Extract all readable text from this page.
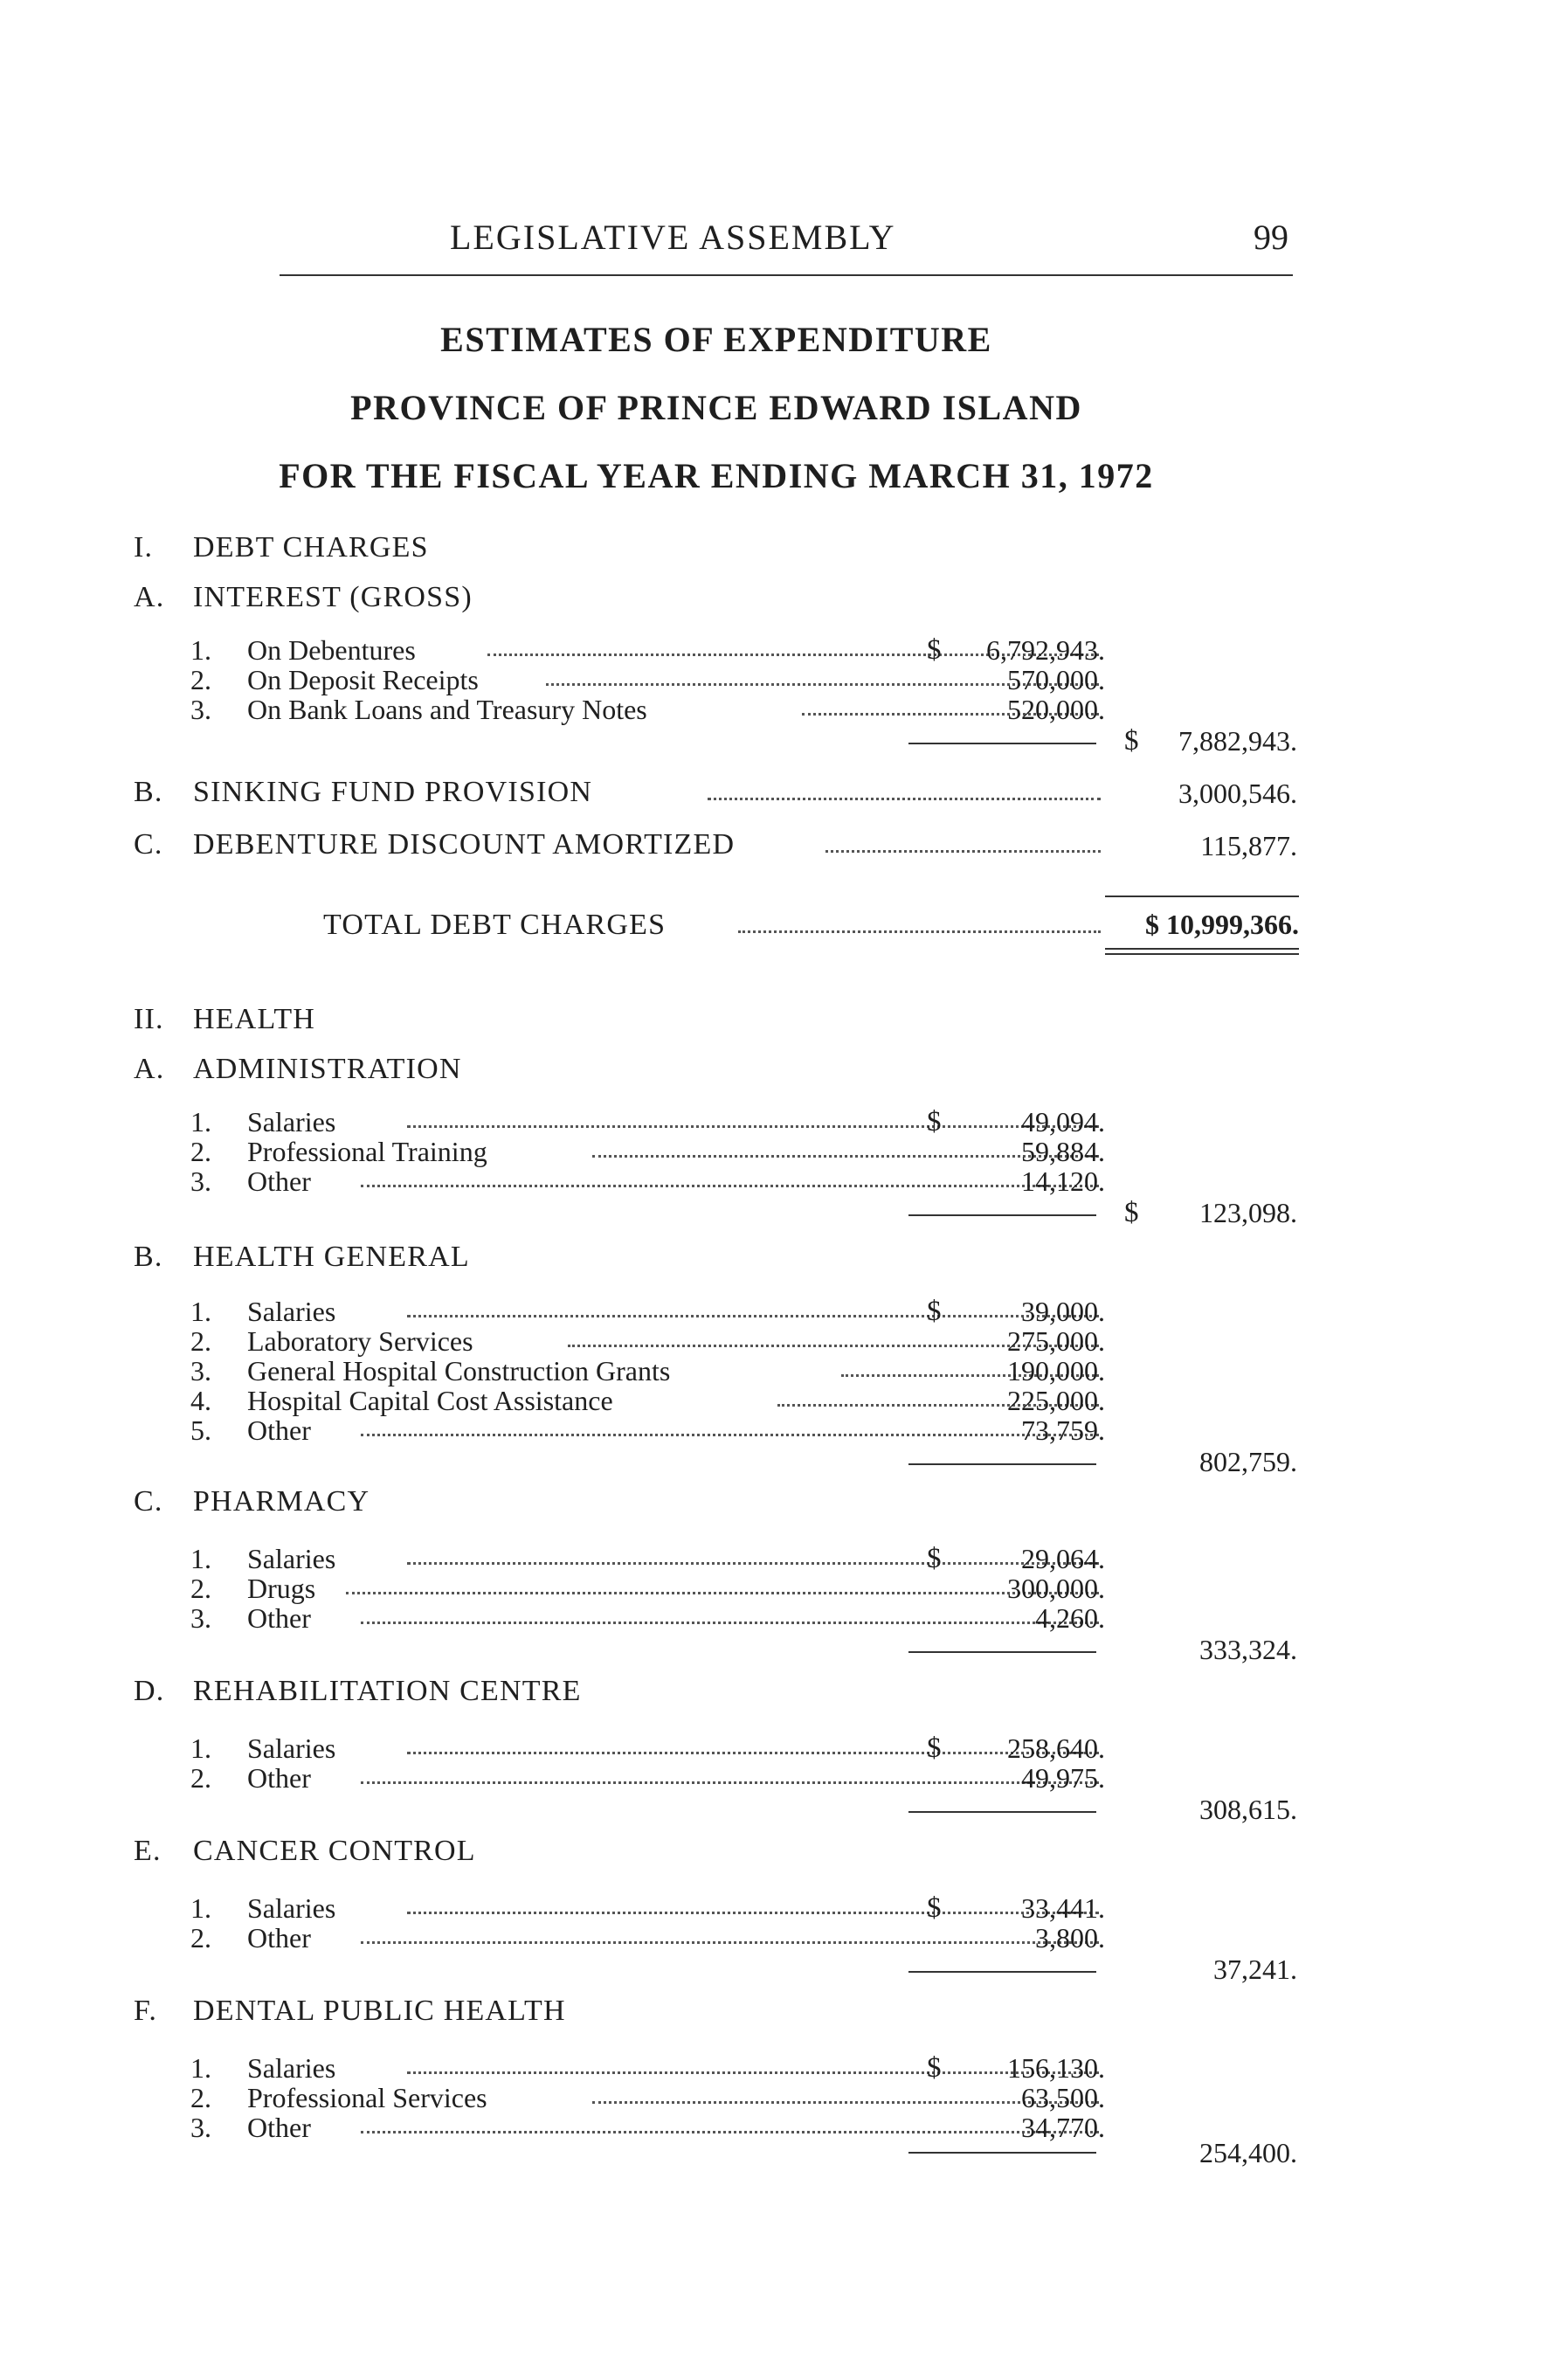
LEGISLATIVE ASSEMBLY	99
ESTIMATES OF EXPENDITURE
PROVINCE OF PRINCE EDWARD ISLAND
FOR THE FISCAL YEAR ENDING MARCH 31, 1972
I.	DEBT CHARGES
A. INTEREST (GROSS)
1. On Debentures	$	6,792,943.
2. On Deposit Receipts	570,000.
3. On Bank Loans and Treasury Notes	520,000.
$	7,882,943.
B.	SINKING FUND PROVISION	3,000,546.
C.	DEBENTURE DISCOUNT AMORTIZED	115,877.
TOTAL DEBT CHARGES	$ 10,999,366.
II. HEALTH
A. ADMINISTRATION
1. Salaries	$	49,094.
2. Professional Training	59,884.
3. Other	14,120.
$	123,098.
B.	HEALTH GENERAL
1. Salaries	$	39,000.
2. Laboratory Services	275,000.
3. General Hospital Construction Grants	190,000.
4. Hospital Capital Cost Assistance	225,000.
5. Other	73,759.
802,759.
C.	PHARMACY
1. Salaries	$	29,064.
2. Drugs	300,000.
3. Other	4,260.
333,324.
D. REHABILITATION CENTRE
1. Salaries	$	258,640.
2. Other	49,975.
308,615.
E.	CANCER CONTROL
1. Salaries	$	33,441.
2. Other	3,800.
37,241.
F.	DENTAL PUBLIC HEALTH
1. Salaries	$	156,130.
2. Professional Services	63,500.
3. Other	34,770.
254,400.
